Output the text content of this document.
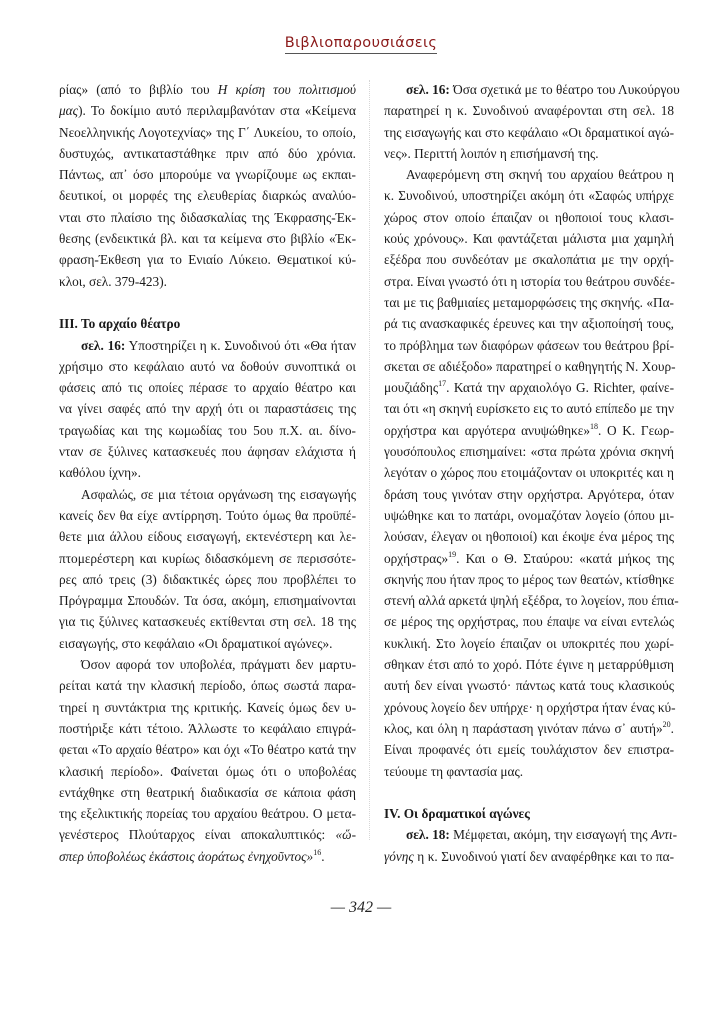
Βιβλιοπαρουσιάσεις
ρίας» (από το βιβλίο του Η κρίση του πολιτισμού
μας). Το δοκίμιο αυτό περιλαμβανόταν στα «Κείμενα
Νεοελληνικής Λογοτεχνίας» της Γ΄ Λυκείου, το οποίο,
δυστυχώς, αντικαταστάθηκε πριν από δύο χρόνια.
Πάντως, απ᾿ όσο μπορούμε να γνωρίζουμε ως εκπαι-
δευτικοί, οι μορφές της ελευθερίας διαρκώς αναλύο-
νται στο πλαίσιο της διδασκαλίας της Έκφρασης-Έκ-
θεσης (ενδεικτικά βλ. και τα κείμενα στο βιβλίο «Έκ-
φραση-Έκθεση για το Ενιαίο Λύκειο. Θεματικοί κύ-
κλοι, σελ. 379-423).
ΙΙΙ. Το αρχαίο θέατρο
σελ. 16: Υποστηρίζει η κ. Συνοδινού ότι «Θα ήταν
χρήσιμο στο κεφάλαιο αυτό να δοθούν συνοπτικά οι
φάσεις από τις οποίες πέρασε το αρχαίο θέατρο και
να γίνει σαφές από την αρχή ότι οι παραστάσεις της
τραγωδίας και της κωμωδίας του 5ου π.Χ. αι. δίνο-
νταν σε ξύλινες κατασκευές που άφησαν ελάχιστα ή
καθόλου ίχνη».
Ασφαλώς, σε μια τέτοια οργάνωση της εισαγωγής
κανείς δεν θα είχε αντίρρηση. Τούτο όμως θα προϋπέ-
θετε μια άλλου είδους εισαγωγή, εκτενέστερη και λε-
πτομερέστερη και κυρίως διδασκόμενη σε περισσότε-
ρες από τρεις (3) διδακτικές ώρες που προβλέπει το
Πρόγραμμα Σπουδών. Τα όσα, ακόμη, επισημαίνονται
για τις ξύλινες κατασκευές εκτίθενται στη σελ. 18 της
εισαγωγής, στο κεφάλαιο «Οι δραματικοί αγώνες».
Όσον αφορά τον υποβολέα, πράγματι δεν μαρτυ-
ρείται κατά την κλασική περίοδο, όπως σωστά παρα-
τηρεί η συντάκτρια της κριτικής. Κανείς όμως δεν υ-
ποστήριξε κάτι τέτοιο. Άλλωστε το κεφάλαιο επιγρά-
φεται «Το αρχαίο θέατρο» και όχι «Το θέατρο κατά την
κλασική περίοδο». Φαίνεται όμως ότι ο υποβολέας
εντάχθηκε στη θεατρική διαδικασία σε κάποια φάση
της εξελικτικής πορείας του αρχαίου θεάτρου. Ο μετα-
γενέστερος Πλούταρχος είναι αποκαλυπτικός: «ὥ-
σπερ ὑποβολέως ἑκάστοις ἀοράτως ἐνηχοῦντος»$^{16}$.
σελ. 16: Όσα σχετικά με το θέατρο του Λυκούργου
παρατηρεί η κ. Συνοδινού αναφέρονται στη σελ. 18
της εισαγωγής και στο κεφάλαιο «Οι δραματικοί αγώ-
νες». Περιττή λοιπόν η επισήμανσή της.
Αναφερόμενη στη σκηνή του αρχαίου θεάτρου η
κ. Συνοδινού, υποστηρίζει ακόμη ότι «Σαφώς υπήρχε
χώρος στον οποίο έπαιζαν οι ηθοποιοί τους κλασι-
κούς χρόνους». Και φαντάζεται μάλιστα μια χαμηλή
εξέδρα που συνδεόταν με σκαλοπάτια με την ορχή-
στρα. Είναι γνωστό ότι η ιστορία του θεάτρου συνδέε-
ται με τις βαθμιαίες μεταμορφώσεις της σκηνής. «Πα-
ρά τις ανασκαφικές έρευνες και την αξιοποίησή τους,
το πρόβλημα των διαφόρων φάσεων του θεάτρου βρί-
σκεται σε αδιέξοδο» παρατηρεί ο καθηγητής Ν. Χουρ-
μουζιάδης$^{17}$. Κατά την αρχαιολόγο G. Richter, φαίνε-
ται ότι «η σκηνή ευρίσκετο εις το αυτό επίπεδο με την
ορχήστρα και αργότερα ανυψώθηκε»$^{18}$. Ο Κ. Γεωρ-
γουσόπουλος επισημαίνει: «στα πρώτα χρόνια σκηνή
λεγόταν ο χώρος που ετοιμάζονταν οι υποκριτές και η
δράση τους γινόταν στην ορχήστρα. Αργότερα, όταν
υψώθηκε και το πατάρι, ονομαζόταν λογείο (όπου μι-
λούσαν, έλεγαν οι ηθοποιοί) και έκοψε ένα μέρος της
ορχήστρας»$^{19}$. Και ο Θ. Σταύρου: «κατά μήκος της
σκηνής που ήταν προς το μέρος των θεατών, κτίσθηκε
στενή αλλά αρκετά ψηλή εξέδρα, το λογείον, που έπια-
σε μέρος της ορχήστρας, που έπαψε να είναι εντελώς
κυκλική. Στο λογείο έπαιζαν οι υποκριτές που χωρί-
σθηκαν έτσι από το χορό. Πότε έγινε η μεταρρύθμιση
αυτή δεν είναι γνωστό· πάντως κατά τους κλασικούς
χρόνους λογείο δεν υπήρχε· η ορχήστρα ήταν ένας κύ-
κλος, και όλη η παράσταση γινόταν πάνω σ᾿ αυτή»$^{20}$.
Είναι προφανές ότι εμείς τουλάχιστον δεν επιστρα-
τεύουμε τη φαντασία μας.
IV. Οι δραματικοί αγώνες
σελ. 18: Μέμφεται, ακόμη, την εισαγωγή της Αντι-
γόνης η κ. Συνοδινού γιατί δεν αναφέρθηκε και το πα-
— 342 —
